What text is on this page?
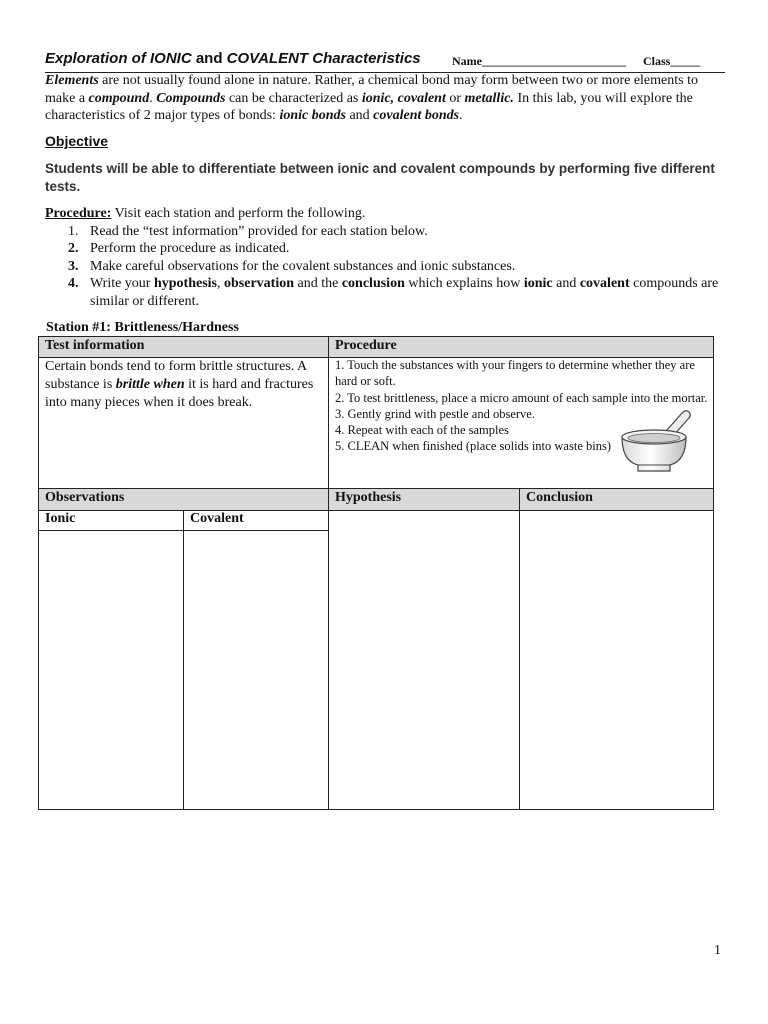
Exploration of IONIC and COVALENT Characteristics	Name________________________ Class_____
Elements are not usually found alone in nature. Rather, a chemical bond may form between two or more elements to make a compound. Compounds can be characterized as ionic, covalent or metallic. In this lab, you will explore the characteristics of 2 major types of bonds: ionic bonds and covalent bonds.
Objective
Students will be able to differentiate between ionic and covalent compounds by performing five different tests.
Procedure: Visit each station and perform the following.
1. Read the “test information” provided for each station below.
2. Perform the procedure as indicated.
3. Make careful observations for the covalent substances and ionic substances.
4. Write your hypothesis, observation and the conclusion which explains how ionic and covalent compounds are similar or different.
Station #1: Brittleness/Hardness
Test information	Procedure
Certain bonds tend to form brittle structures. A substance is brittle when it is hard and fractures into many pieces when it does break.
1. Touch the substances with your fingers to determine whether they are hard or soft.
2. To test brittleness, place a micro amount of each sample into the mortar.
3. Gently grind with pestle and observe.
4. Repeat with each of the samples
5. CLEAN when finished (place solids into waste bins)
Observations	Hypothesis	Conclusion
Ionic	Covalent
1
